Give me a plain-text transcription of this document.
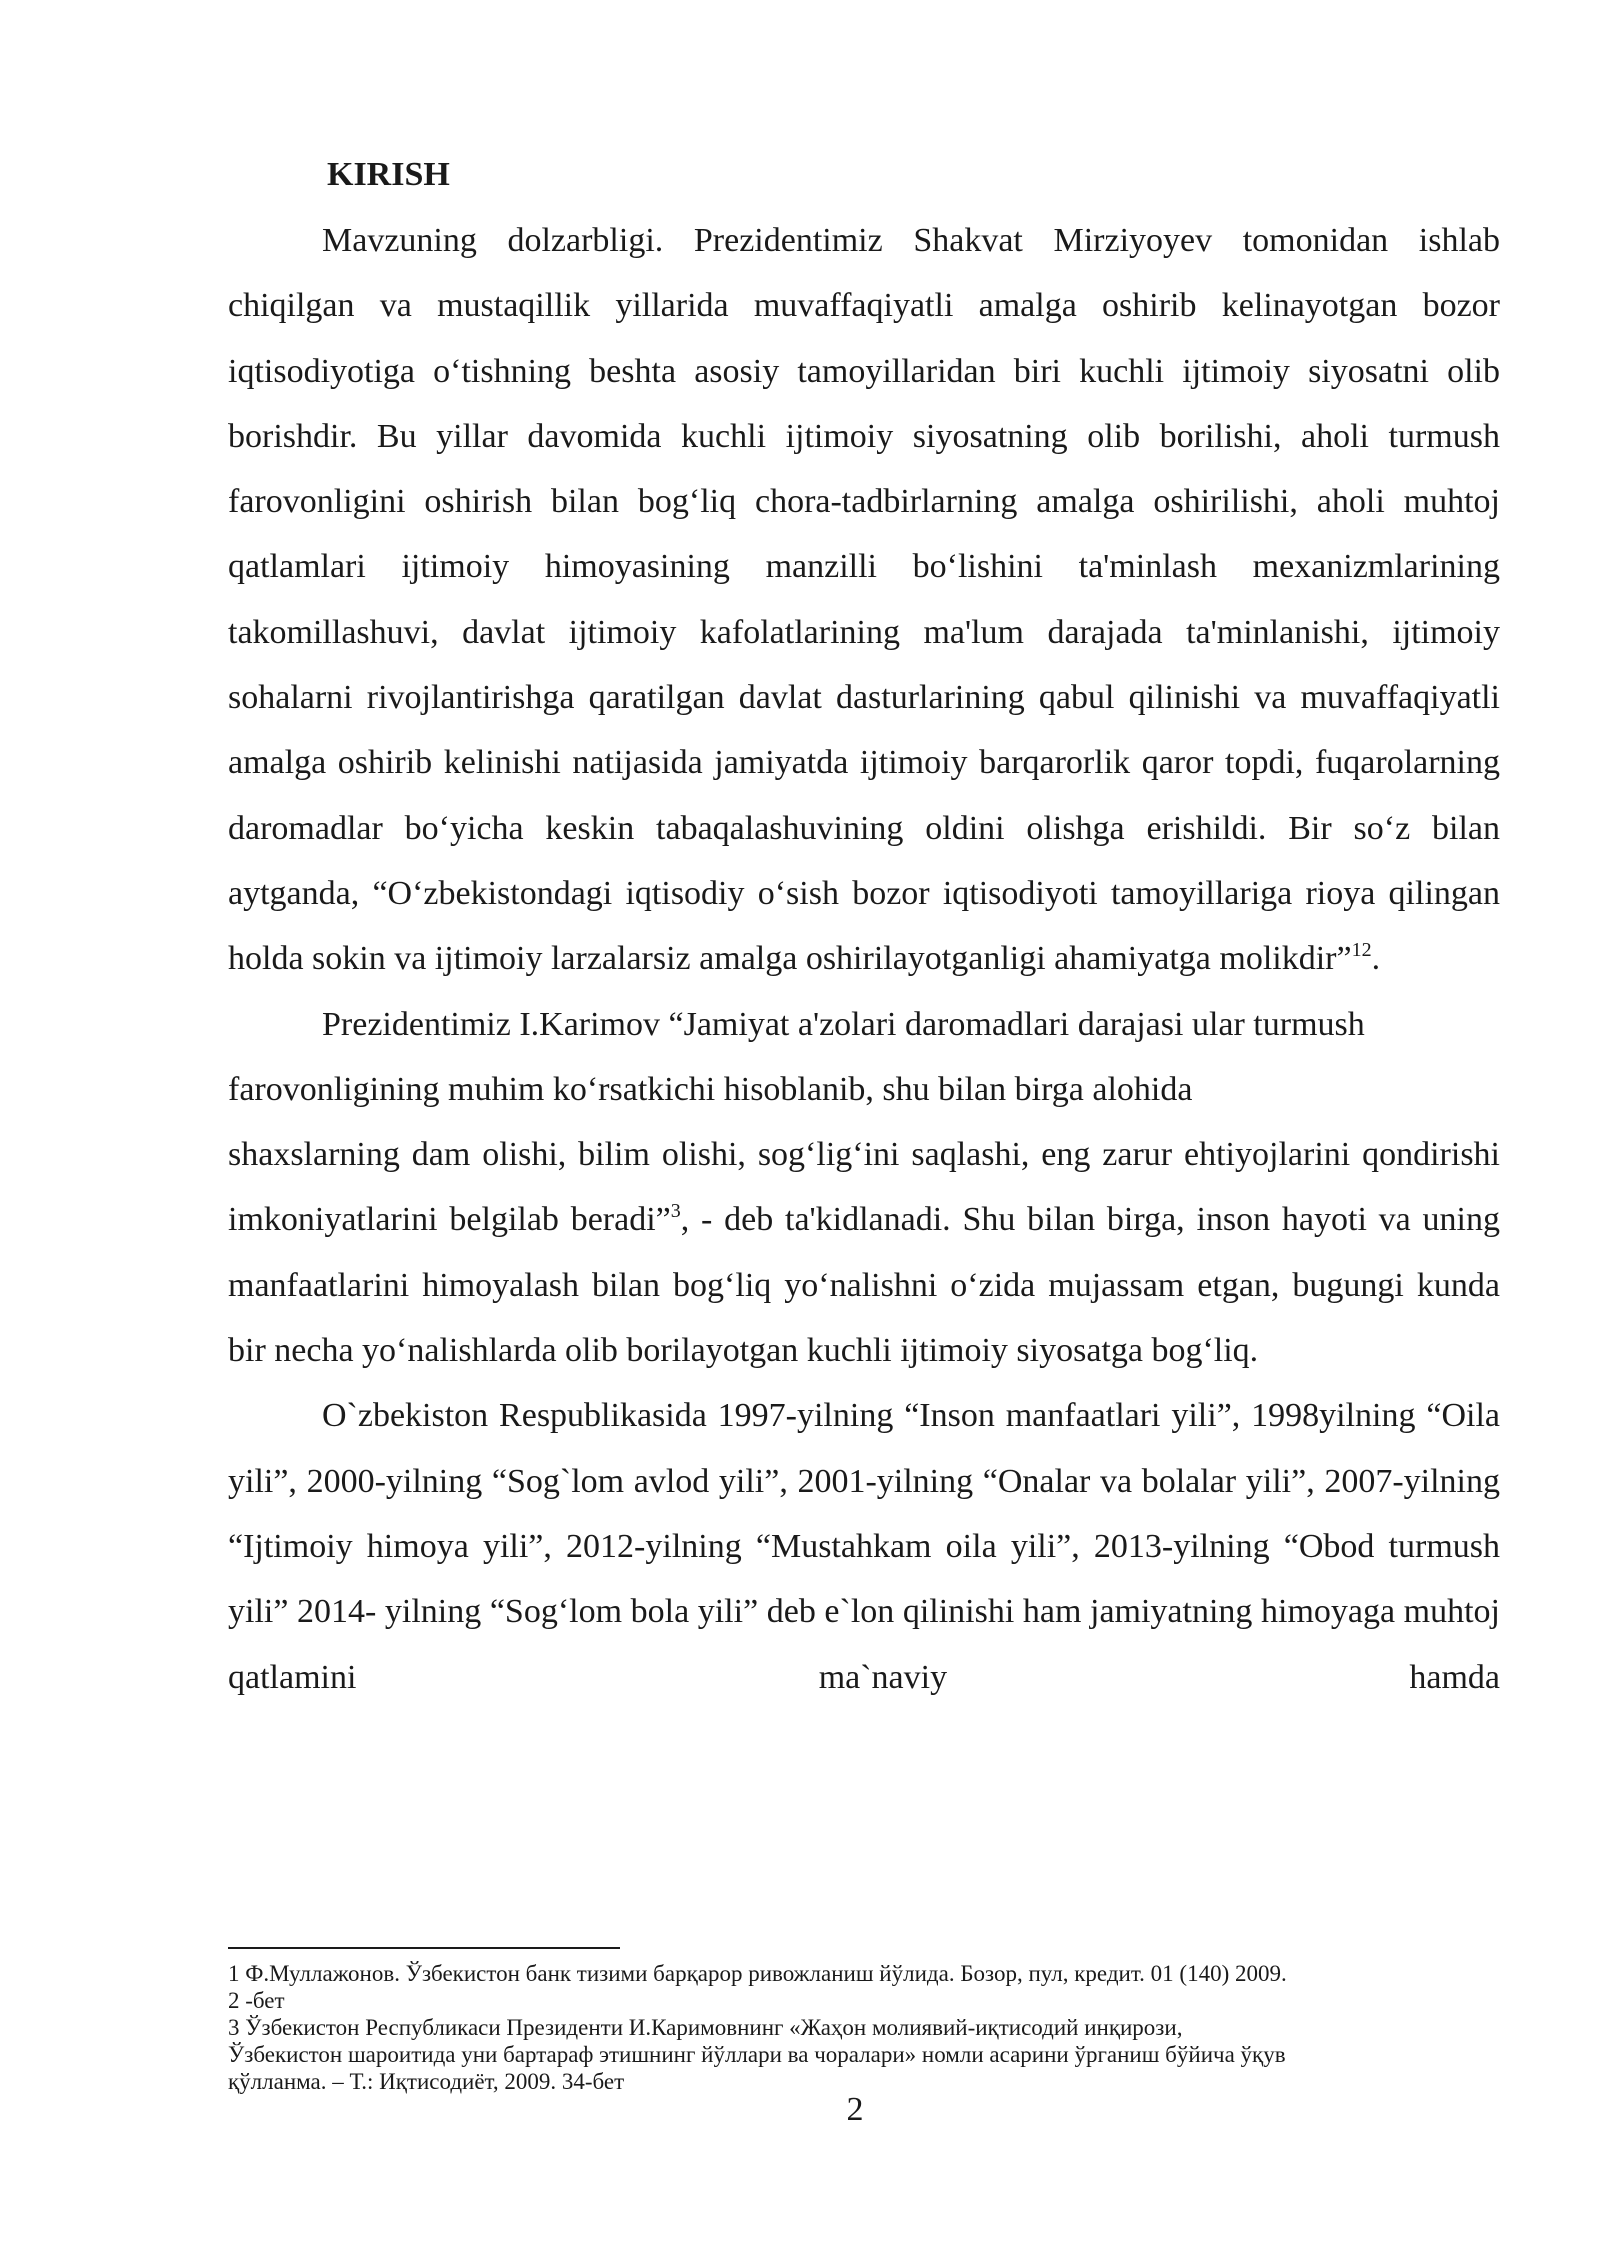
KIRISH

Mavzuning dolzarbligi. Prezidentimiz Shakvat Mirziyoyev tomonidan ishlab chiqilgan va mustaqillik yillarida muvaffaqiyatli amalga oshirib kelinayotgan bozor iqtisodiyotiga o‘tishning beshta asosiy tamoyillaridan biri kuchli ijtimoiy siyosatni olib borishdir. Bu yillar davomida kuchli ijtimoiy siyosatning olib borilishi, aholi turmush farovonligini oshirish bilan bog‘liq chora-tadbirlarning amalga oshirilishi, aholi muhtoj qatlamlari ijtimoiy himoyasining manzilli bo‘lishini ta'minlash mexanizmlarining takomillashuvi, davlat ijtimoiy kafolatlarining ma'lum darajada ta'minlanishi, ijtimoiy sohalarni rivojlantirishga qaratilgan davlat dasturlarining qabul qilinishi va muvaffaqiyatli amalga oshirib kelinishi natijasida jamiyatda ijtimoiy barqarorlik qaror topdi, fuqarolarning daromadlar bo‘yicha keskin tabaqalashuvining oldini olishga erishildi. Bir so‘z bilan aytganda, “O‘zbekistondagi iqtisodiy o‘sish bozor iqtisodiyoti tamoyillariga rioya qilingan holda sokin va ijtimoiy larzalarsiz amalga oshirilayotganligi ahamiyatga molikdir”$^{12}$.

Prezidentimiz I.Karimov “Jamiyat a'zolari daromadlari darajasi ular turmush farovonligining muhim ko‘rsatkichi hisoblanib, shu bilan birga alohida

shaxslarning dam olishi, bilim olishi, sog‘lig‘ini saqlashi, eng zarur ehtiyojlarini qondirishi imkoniyatlarini belgilab beradi”$^3$, - deb ta'kidlanadi. Shu bilan birga, inson hayoti va uning manfaatlarini himoyalash bilan bog‘liq yo‘nalishni o‘zida mujassam etgan, bugungi kunda bir necha yo‘nalishlarda olib borilayotgan kuchli ijtimoiy siyosatga bog‘liq.

O`zbekiston Respublikasida 1997-yilning “Inson manfaatlari yili”, 1998yilning “Oila yili”, 2000-yilning “Sog`lom avlod yili”, 2001-yilning “Onalar va bolalar yili”, 2007-yilning “Ijtimoiy himoya yili”, 2012-yilning “Mustahkam oila yili”, 2013-yilning “Obod turmush yili” 2014- yilning “Sog‘lom bola yili” deb e`lon qilinishi ham jamiyatning himoyaga muhtoj qatlamini ma`naviy hamda

1 Ф.Муллажонов. Ўзбекистон банк тизими барқарор ривожланиш йўлида. Бозор, пул, кредит. 01 (140) 2009.
2 -бет
3 Ўзбекистон Республикаси Президенти И.Каримовнинг «Жаҳон молиявий-иқтисодий инқирози,
Ўзбекистон шароитида уни бартараф этишнинг йўллари ва чоралари» номли асарини ўрганиш бўйича ўқув
қўлланма. – Т.: Иқтисодиёт, 2009. 34-бет
2
